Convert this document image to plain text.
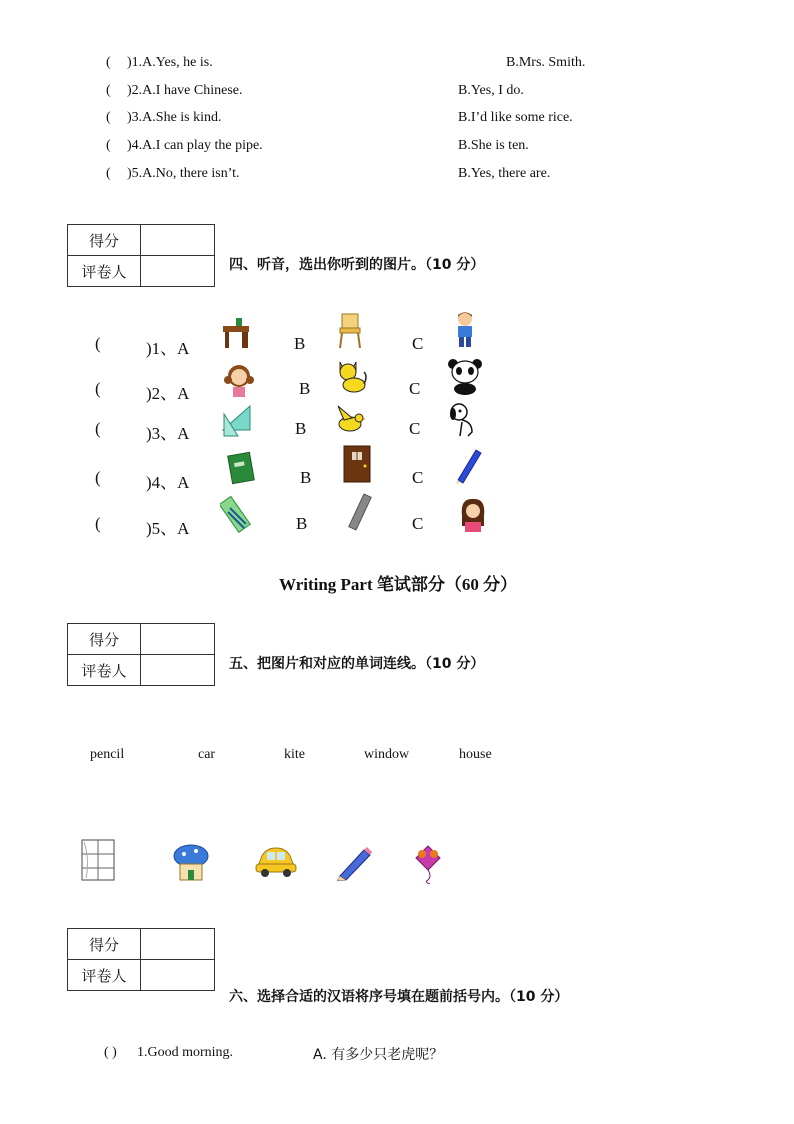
( )1.A.Yes, he is.	B.Mrs. Smith.
( )2.A.I have Chinese.	B.Yes, I do.
( )3.A.She is kind.	B.I’d like some rice.
( )4.A.I can play the pipe.	B.She is ten.
( )5.A.No, there isn’t.	B.Yes, there are.
得分	
评卷人		四、听音，选出你听到的图片。（10 分）
(	)1、A	B	C
(	)2、A	B	C
(	)3、A	B	C
(	)4、A	B	C
(	)5、A	B	C
Writing Part 笔试部分（60 分）
得分	
评卷人		五、把图片和对应的单词连线。（10 分）
pencil	car	kite	window	house
得分	
评卷人	
六、选择合适的汉语将序号填在题前括号内。（10 分）
( ) 1.Good morning.	A. 有多少只老虎呢？
